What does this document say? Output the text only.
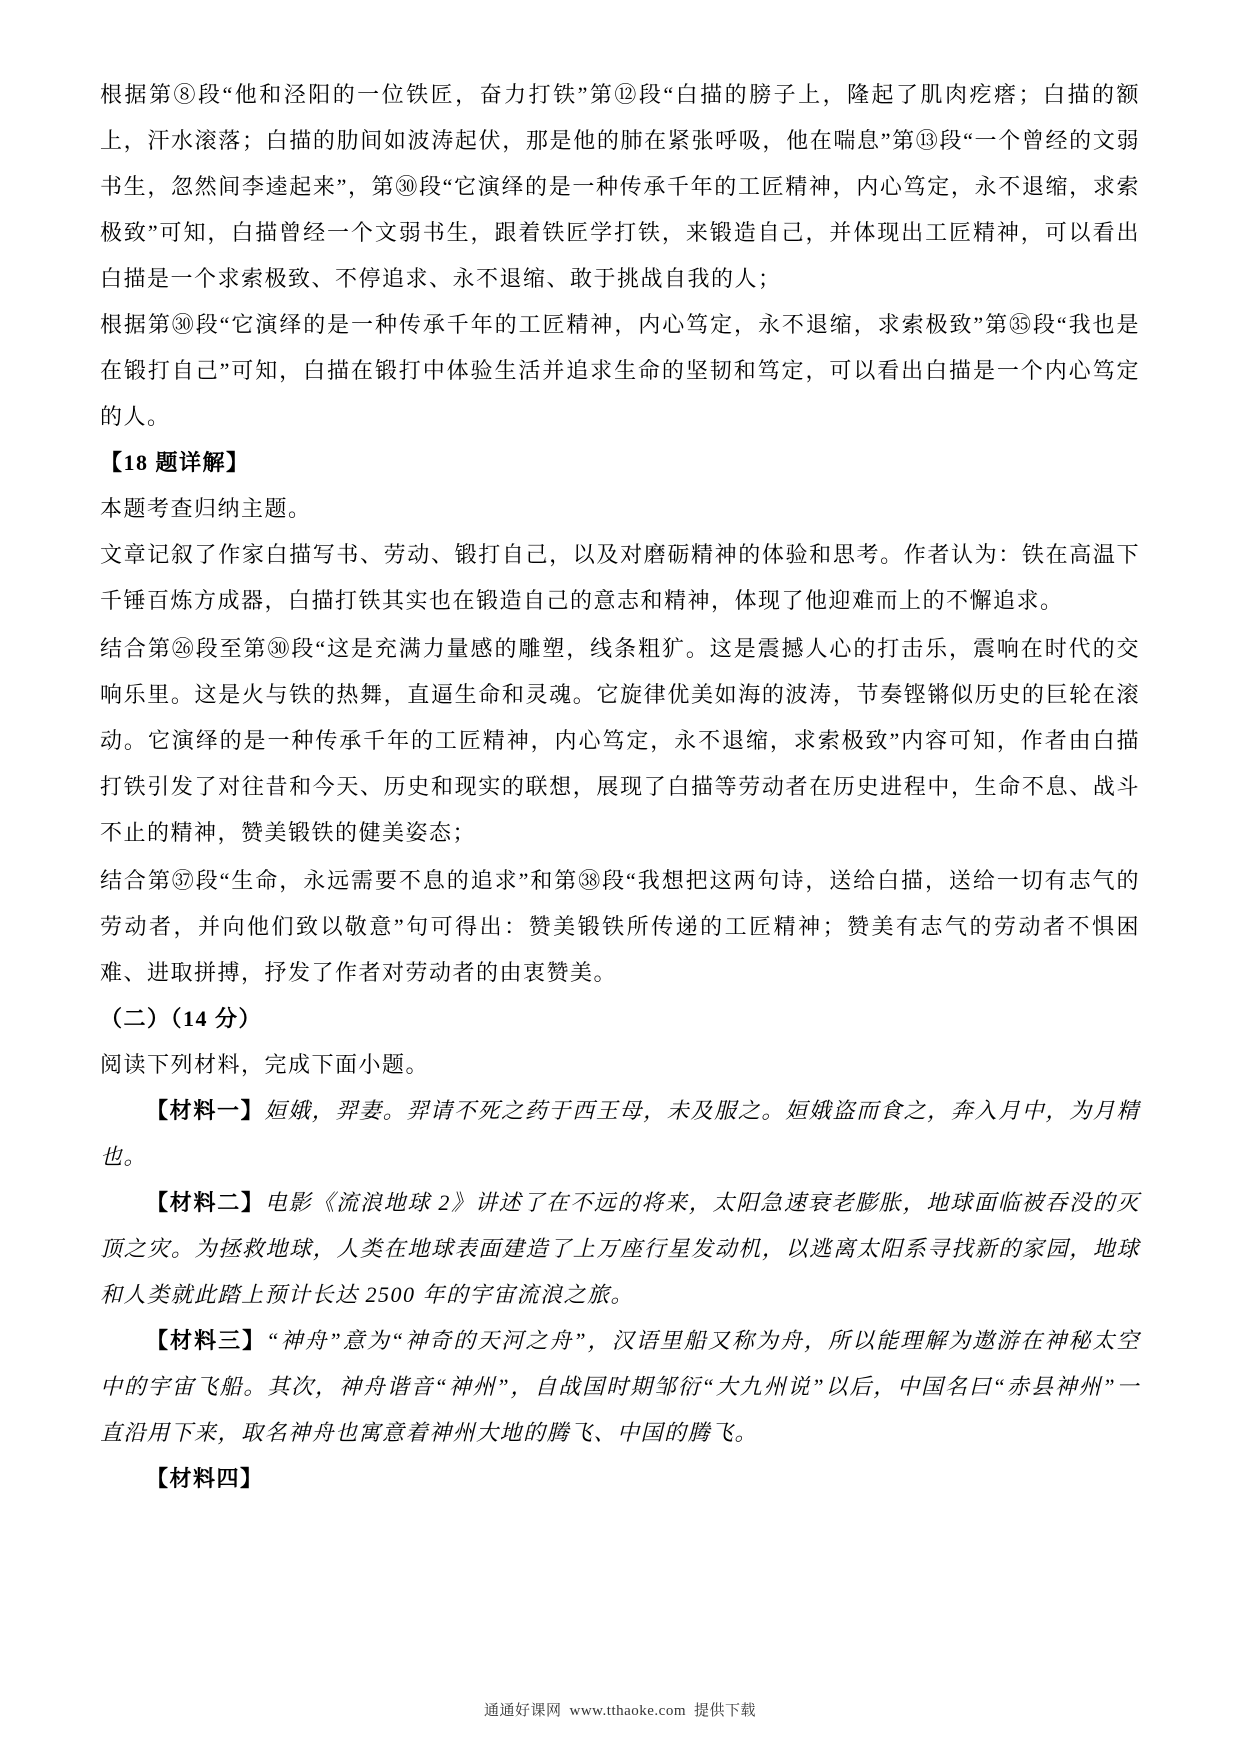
根据第⑧段“他和泾阳的一位铁匠，奋力打铁”第⑫段“白描的膀子上，隆起了肌肉疙瘩；白描的额上，汗水滚落；白描的肋间如波涛起伏，那是他的肺在紧张呼吸，他在喘息”第⑬段“一个曾经的文弱书生，忽然间李逵起来”，第㉚段“它演绎的是一种传承千年的工匠精神，内心笃定，永不退缩，求索极致”可知，白描曾经一个文弱书生，跟着铁匠学打铁，来锻造自己，并体现出工匠精神，可以看出白描是一个求索极致、不停追求、永不退缩、敢于挑战自我的人；

根据第㉚段“它演绎的是一种传承千年的工匠精神，内心笃定，永不退缩，求索极致”第㉟段“我也是在锻打自己”可知，白描在锻打中体验生活并追求生命的坚韧和笃定，可以看出白描是一个内心笃定的人。

【18 题详解】

本题考查归纳主题。

文章记叙了作家白描写书、劳动、锻打自己，以及对磨砺精神的体验和思考。作者认为：铁在高温下千锤百炼方成器，白描打铁其实也在锻造自己的意志和精神，体现了他迎难而上的不懈追求。

结合第㉖段至第㉚段“这是充满力量感的雕塑，线条粗犷。这是震撼人心的打击乐，震响在时代的交响乐里。这是火与铁的热舞，直逼生命和灵魂。它旋律优美如海的波涛，节奏铿锵似历史的巨轮在滚动。它演绎的是一种传承千年的工匠精神，内心笃定，永不退缩，求索极致”内容可知，作者由白描打铁引发了对往昔和今天、历史和现实的联想，展现了白描等劳动者在历史进程中，生命不息、战斗不止的精神，赞美锻铁的健美姿态；

结合第㊲段“生命，永远需要不息的追求”和第㊳段“我想把这两句诗，送给白描，送给一切有志气的劳动者，并向他们致以敬意”句可得出：赞美锻铁所传递的工匠精神；赞美有志气的劳动者不惧困难、进取拼搏，抒发了作者对劳动者的由衷赞美。

（二）（14 分）

阅读下列材料，完成下面小题。

【材料一】姮娥，羿妻。羿请不死之药于西王母，未及服之。姮娥盗而食之，奔入月中，为月精也。

【材料二】电影《流浪地球 2》讲述了在不远的将来，太阳急速衰老膨胀，地球面临被吞没的灭顶之灾。为拯救地球，人类在地球表面建造了上万座行星发动机，以逃离太阳系寻找新的家园，地球和人类就此踏上预计长达 2500 年的宇宙流浪之旅。

【材料三】“神舟”意为“神奇的天河之舟”，汉语里船又称为舟，所以能理解为遨游在神秘太空中的宇宙飞船。其次，神舟谐音“神州”，自战国时期邹衍“大九州说”以后，中国名曰“赤县神州”一直沿用下来，取名神舟也寓意着神州大地的腾飞、中国的腾飞。

【材料四】

通通好课网 www.tthaoke.com 提供下载
